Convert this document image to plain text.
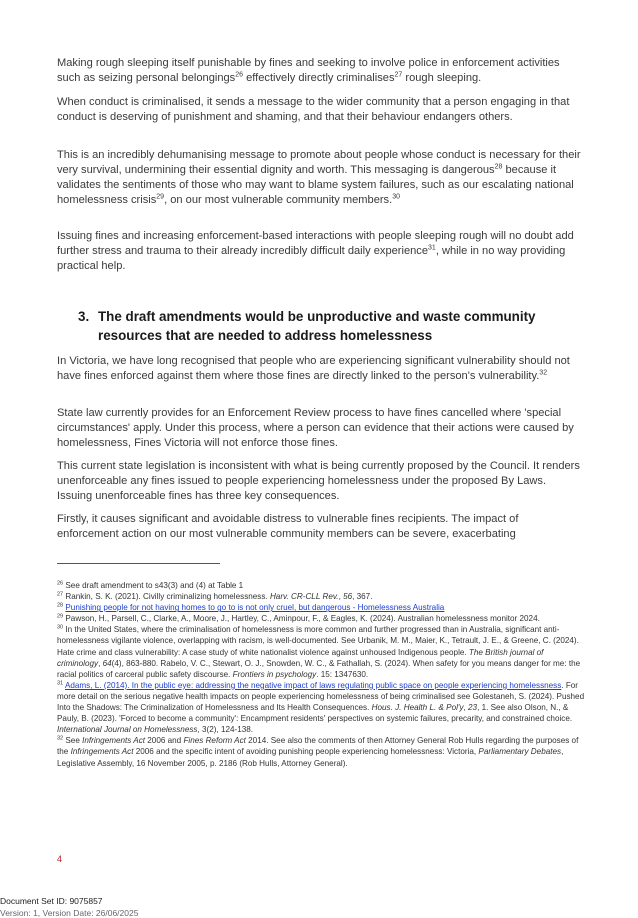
Making rough sleeping itself punishable by fines and seeking to involve police in enforcement activities such as seizing personal belongings$^{26}$ effectively directly criminalises$^{27}$ rough sleeping.

When conduct is criminalised, it sends a message to the wider community that a person engaging in that conduct is deserving of punishment and shaming, and that their behaviour endangers others.

This is an incredibly dehumanising message to promote about people whose conduct is necessary for their very survival, undermining their essential dignity and worth. This messaging is dangerous$^{28}$ because it validates the sentiments of those who may want to blame system failures, such as our escalating national homelessness crisis$^{29}$, on our most vulnerable community members.$^{30}$

Issuing fines and increasing enforcement-based interactions with people sleeping rough will no doubt add further stress and trauma to their already incredibly difficult daily experience$^{31}$, while in no way providing practical help.

3. The draft amendments would be unproductive and waste community
resources that are needed to address homelessness

In Victoria, we have long recognised that people who are experiencing significant vulnerability should not have fines enforced against them where those fines are directly linked to the person's vulnerability.$^{32}$

State law currently provides for an Enforcement Review process to have fines cancelled where 'special circumstances' apply. Under this process, where a person can evidence that their actions were caused by homelessness, Fines Victoria will not enforce those fines.

This current state legislation is inconsistent with what is being currently proposed by the Council. It renders unenforceable any fines issued to people experiencing homelessness under the proposed By Laws. Issuing unenforceable fines has three key consequences.

Firstly, it causes significant and avoidable distress to vulnerable fines recipients. The impact of enforcement action on our most vulnerable community members can be severe, exacerbating

$^{26}$ See draft amendment to s43(3) and (4) at Table 1

$^{27}$ Rankin, S. K. (2021). Civilly criminalizing homelessness. Harv. CR-CLL Rev., 56, 367.

$^{28}$ Punishing people for not having homes to go to is not only cruel, but dangerous - Homelessness Australia

$^{29}$ Pawson, H., Parsell, C., Clarke, A., Moore, J., Hartley, C., Aminpour, F., & Eagles, K. (2024). Australian homelessness monitor 2024.

$^{30}$ In the United States, where the criminalisation of homelessness is more common and further progressed than in Australia, significant anti-homelessness vigilante violence, overlapping with racism, is well-documented. See Urbanik, M. M., Maier, K., Tetrault, J. E., & Greene, C. (2024). Hate crime and class vulnerability: A case study of white nationalist violence against unhoused Indigenous people. The British journal of criminology, 64(4), 863-880. Rabelo, V. C., Stewart, O. J., Snowden, W. C., & Fathallah, S. (2024). When safety for you means danger for me: the racial politics of carceral public safety discourse. Frontiers in psychology. 15: 1347630.

$^{31}$ Adams, L. (2014). In the public eye: addressing the negative impact of laws regulating public space on people experiencing homelessness. For more detail on the serious negative health impacts on people experiencing homelessness of being criminalised see Golestaneh, S. (2024). Pushed Into the Shadows: The Criminalization of Homelessness and Its Health Consequences. Hous. J. Health L. & Pol'y, 23, 1. See also Olson, N., & Pauly, B. (2023). 'Forced to become a community': Encampment residents' perspectives on systemic failures, precarity, and constrained choice. International Journal on Homelessness, 3(2), 124-138.

$^{32}$ See Infringements Act 2006 and Fines Reform Act 2014. See also the comments of then Attorney General Rob Hulls regarding the purposes of the Infringements Act 2006 and the specific intent of avoiding punishing people experiencing homelessness: Victoria, Parliamentary Debates, Legislative Assembly, 16 November 2005, p. 2186 (Rob Hulls, Attorney General).

4
Document Set ID: 9075857
Version: 1, Version Date: 26/06/2025
